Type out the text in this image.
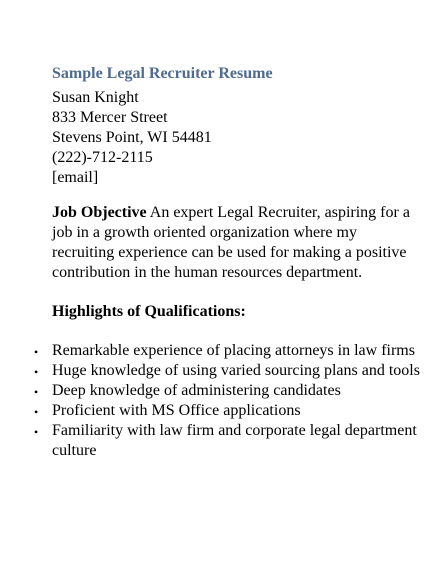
Sample Legal Recruiter Resume

Susan Knight

833 Mercer Street

Stevens Point, WI 54481

(222)-712-2115

[email]

Job Objective An expert Legal Recruiter, aspiring for a job in a growth oriented organization where my recruiting experience can be used for making a positive contribution in the human resources department.
Highlights of Qualifications:
• Remarkable experience of placing attorneys in law firms
• Huge knowledge of using varied sourcing plans and tools
• Deep knowledge of administering candidates
• Proficient with MS Office applications
• Familiarity with law firm and corporate legal department culture
